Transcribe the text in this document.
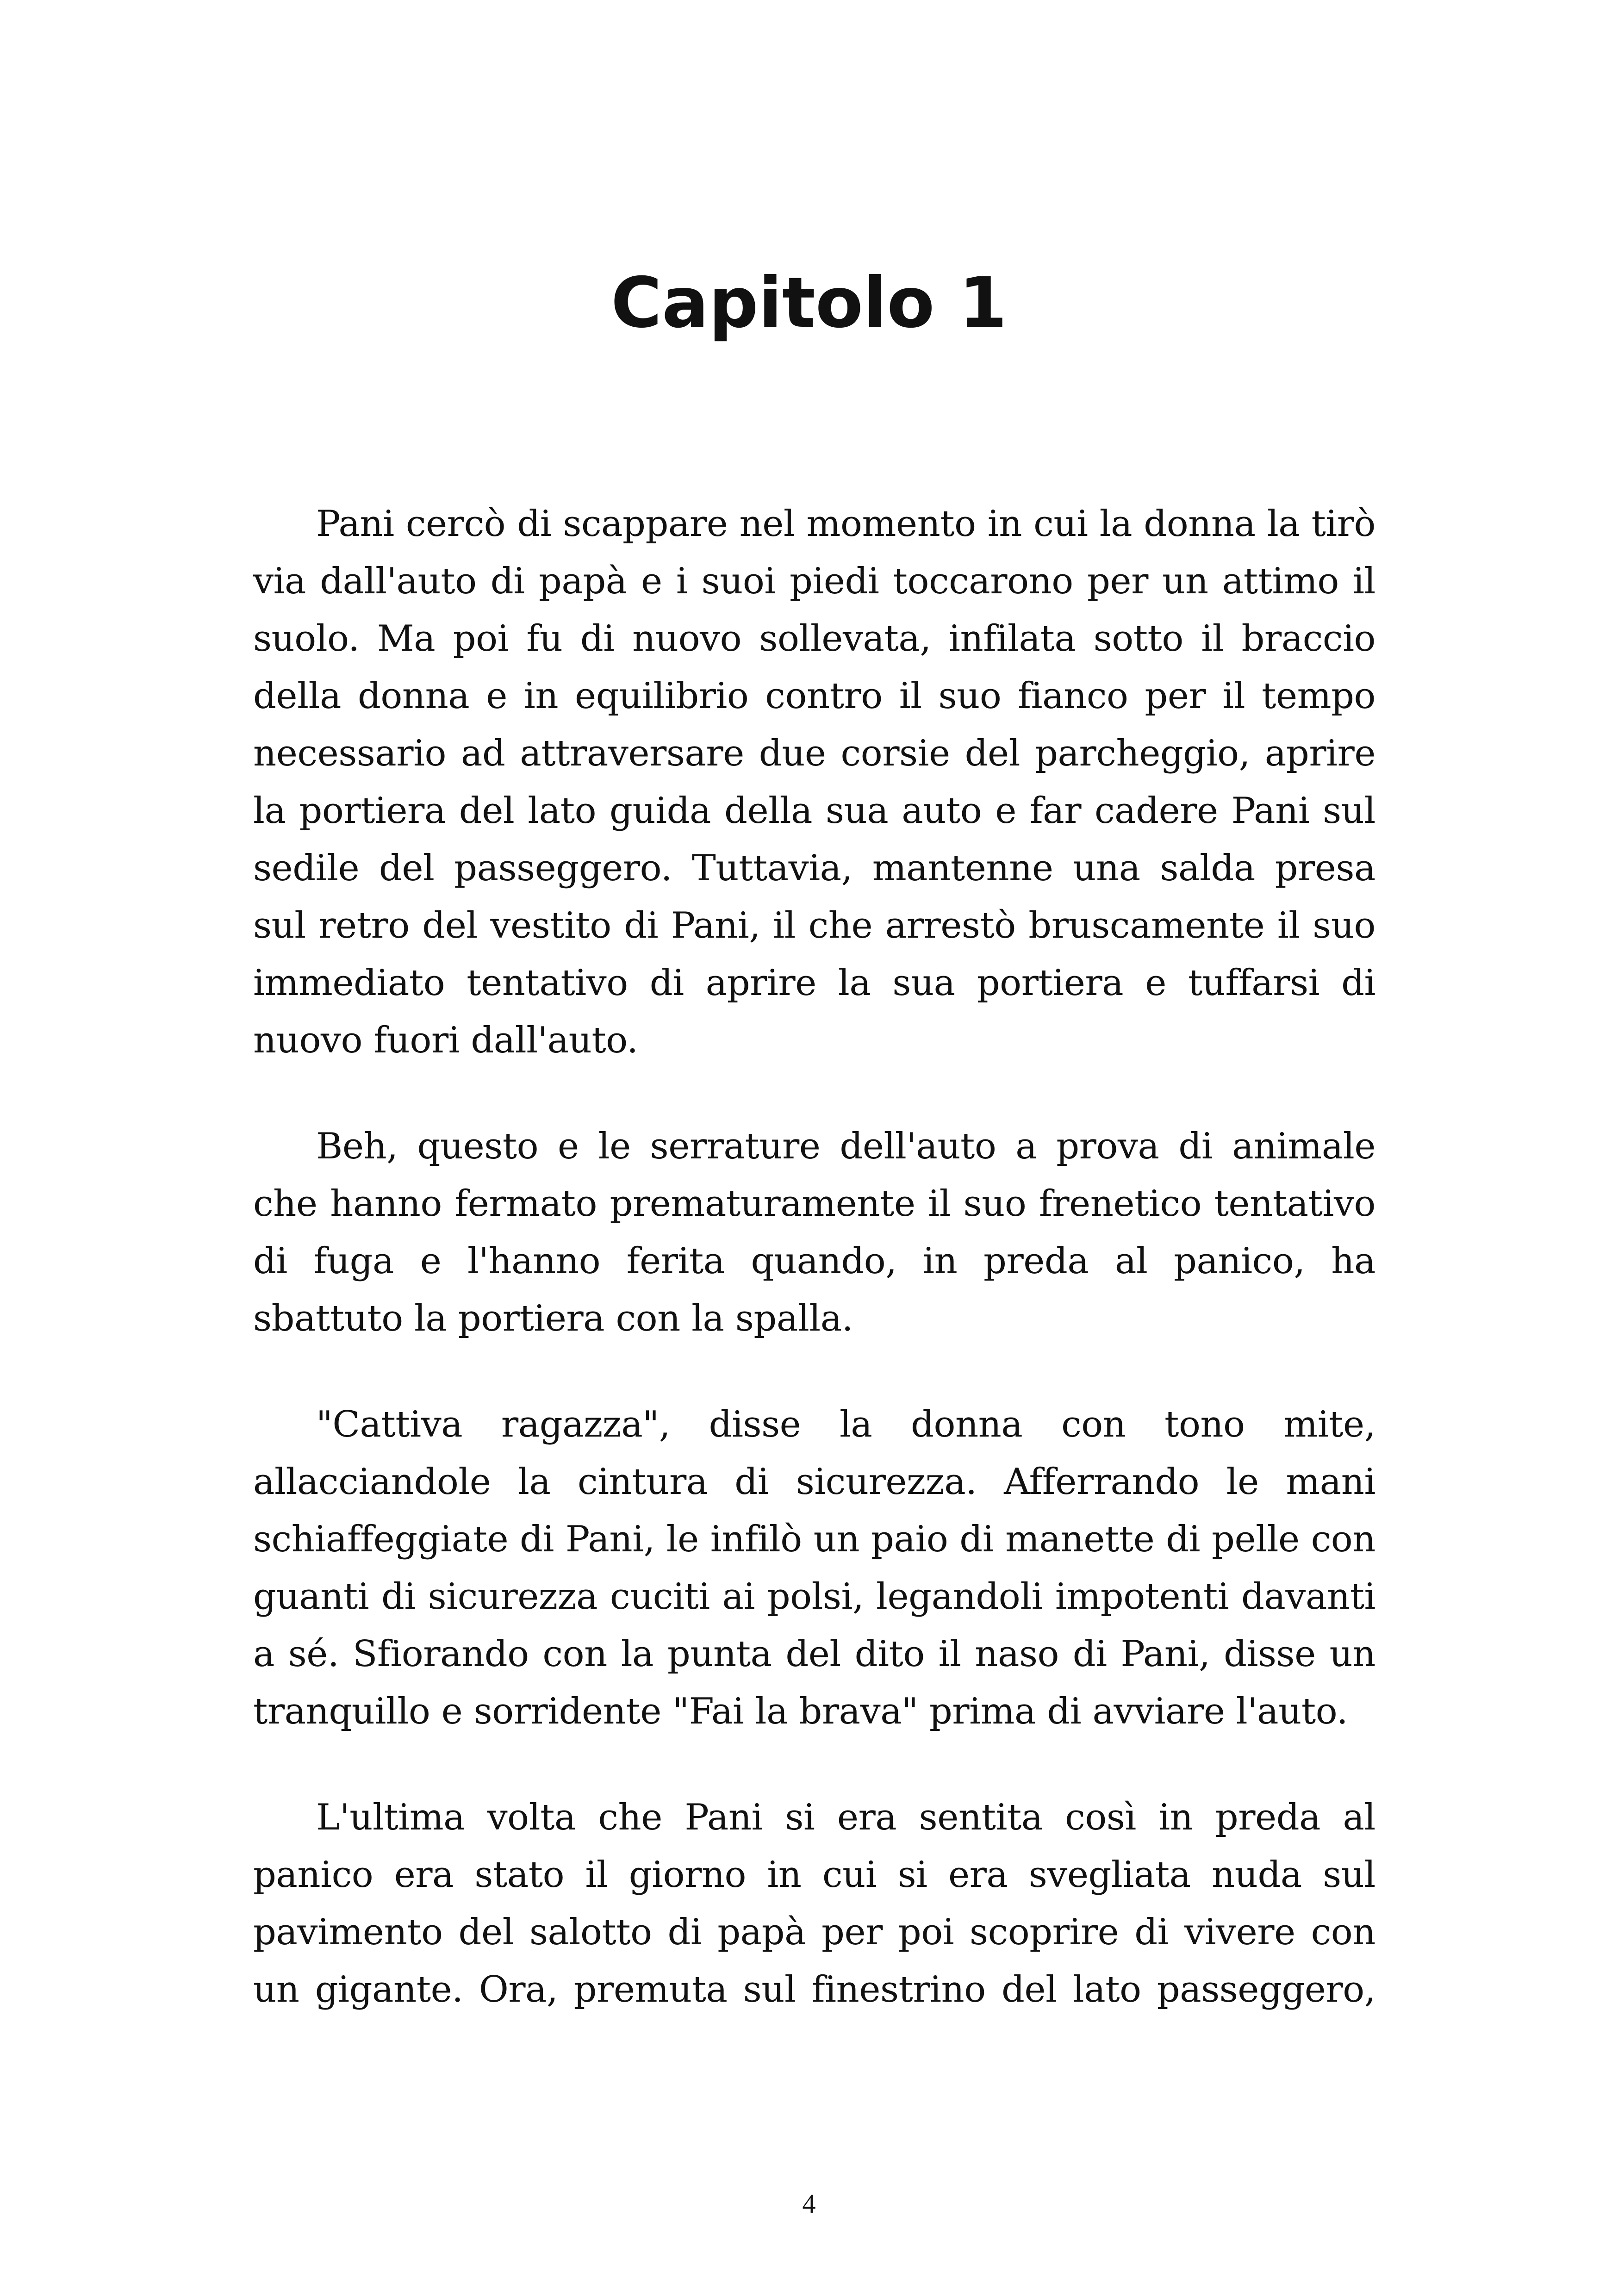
Capitolo 1

Pani cercò di scappare nel momento in cui la donna la tirò via dall'auto di papà e i suoi piedi toccarono per un attimo il suolo. Ma poi fu di nuovo sollevata, infilata sotto il braccio della donna e in equilibrio contro il suo fianco per il tempo necessario ad attraversare due corsie del parcheggio, aprire la portiera del lato guida della sua auto e far cadere Pani sul sedile del passeggero. Tuttavia, mantenne una salda presa sul retro del vestito di Pani, il che arrestò bruscamente il suo immediato tentativo di aprire la sua portiera e tuffarsi di nuovo fuori dall'auto.

Beh, questo e le serrature dell'auto a prova di animale che hanno fermato prematuramente il suo frenetico tentativo di fuga e l'hanno ferita quando, in preda al panico, ha sbattuto la portiera con la spalla.

"Cattiva ragazza", disse la donna con tono mite, allacciandole la cintura di sicurezza. Afferrando le mani schiaffeggiate di Pani, le infilò un paio di manette di pelle con guanti di sicurezza cuciti ai polsi, legandoli impotenti davanti a sé. Sfiorando con la punta del dito il naso di Pani, disse un tranquillo e sorridente "Fai la brava" prima di avviare l'auto.

L'ultima volta che Pani si era sentita così in preda al panico era stato il giorno in cui si era svegliata nuda sul pavimento del salotto di papà per poi scoprire di vivere con un gigante. Ora, premuta sul finestrino del lato passeggero,

4
